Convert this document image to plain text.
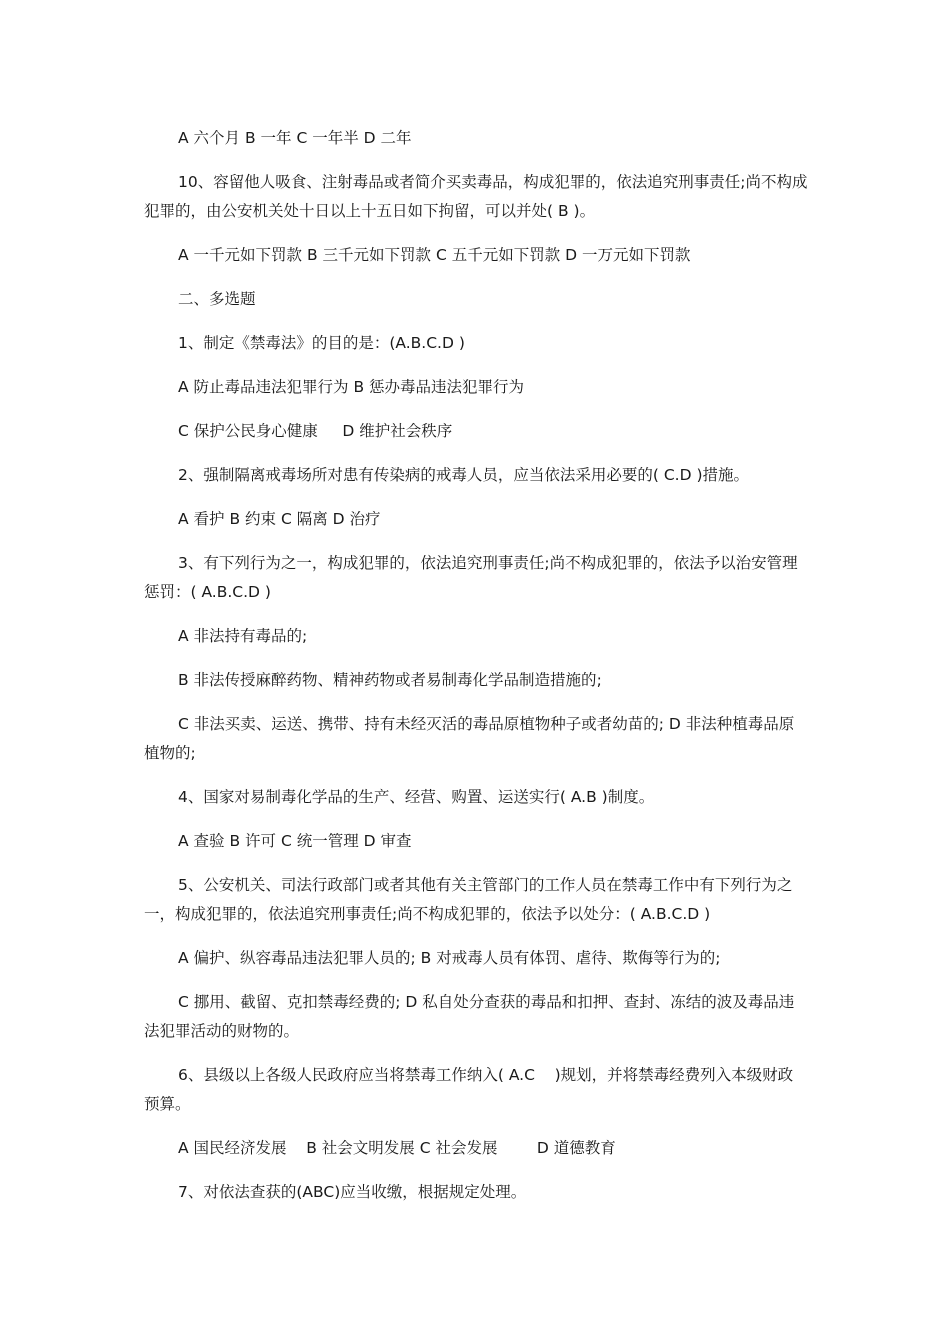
A 六个月 B 一年 C 一年半 D 二年

10、容留他人吸食、注射毒品或者简介买卖毒品，构成犯罪的，依法追究刑事责任;尚不构成犯罪的，由公安机关处十日以上十五日如下拘留，可以并处( B )。

A 一千元如下罚款 B 三千元如下罚款 C 五千元如下罚款 D 一万元如下罚款

二、多选题

1、制定《禁毒法》的目的是：(A.B.C.D )

A 防止毒品违法犯罪行为 B 惩办毒品违法犯罪行为

C 保护公民身心健康     D 维护社会秩序

2、强制隔离戒毒场所对患有传染病的戒毒人员，应当依法采用必要的( C.D )措施。

A 看护 B 约束 C 隔离 D 治疗

3、有下列行为之一，构成犯罪的，依法追究刑事责任;尚不构成犯罪的，依法予以治安管理惩罚：( A.B.C.D )

A 非法持有毒品的;

B 非法传授麻醉药物、精神药物或者易制毒化学品制造措施的;

C 非法买卖、运送、携带、持有未经灭活的毒品原植物种子或者幼苗的; D 非法种植毒品原植物的;

4、国家对易制毒化学品的生产、经营、购置、运送实行( A.B )制度。

A 查验 B 许可 C 统一管理 D 审查

5、公安机关、司法行政部门或者其他有关主管部门的工作人员在禁毒工作中有下列行为之一，构成犯罪的，依法追究刑事责任;尚不构成犯罪的，依法予以处分：( A.B.C.D )

A 偏护、纵容毒品违法犯罪人员的; B 对戒毒人员有体罚、虐待、欺侮等行为的;

C 挪用、截留、克扣禁毒经费的; D 私自处分查获的毒品和扣押、查封、冻结的波及毒品违法犯罪活动的财物的。

6、县级以上各级人民政府应当将禁毒工作纳入( A.C    )规划，并将禁毒经费列入本级财政预算。

A 国民经济发展    B 社会文明发展 C 社会发展        D 道德教育

7、对依法查获的(ABC)应当收缴，根据规定处理。
